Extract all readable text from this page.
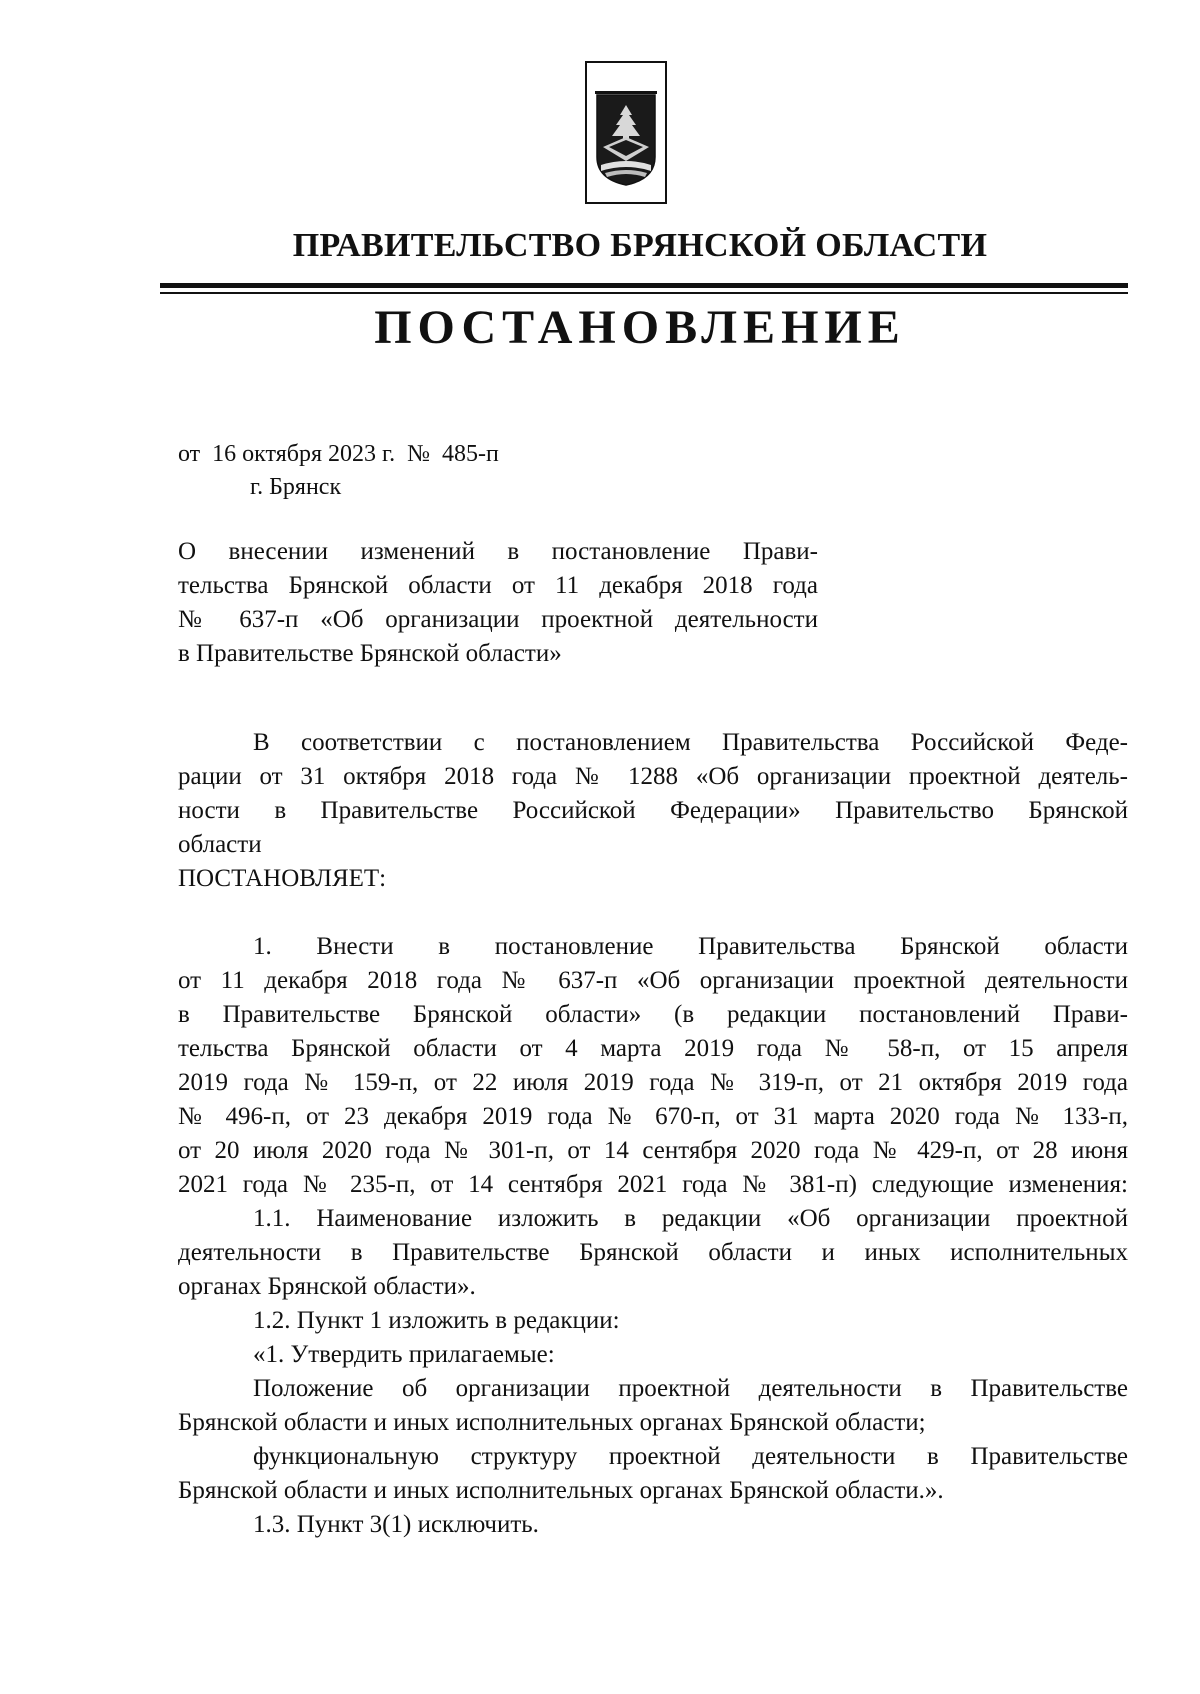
ПРАВИТЕЛЬСТВО БРЯНСКОЙ ОБЛАСТИ
ПОСТАНОВЛЕНИЕ
от  16 октября 2023 г.  №  485-п
г. Брянск
О внесении изменений в постановление Прави-
тельства Брянской области от 11 декабря 2018 года
№ 637-п «Об организации проектной деятельности
в Правительстве Брянской области»
В соответствии с постановлением Правительства Российской Феде-
рации от 31 октября 2018 года № 1288 «Об организации проектной деятель-
ности в Правительстве Российской Федерации» Правительство Брянской
области
ПОСТАНОВЛЯЕТ:
1. Внести в постановление Правительства Брянской области
от 11 декабря 2018 года № 637-п «Об организации проектной деятельности
в Правительстве Брянской области» (в редакции постановлений Прави-
тельства Брянской области от 4 марта 2019 года № 58-п, от 15 апреля
2019 года № 159-п, от 22 июля 2019 года № 319-п, от 21 октября 2019 года
№ 496-п, от 23 декабря 2019 года № 670-п, от 31 марта 2020 года № 133-п,
от 20 июля 2020 года № 301-п, от 14 сентября 2020 года № 429-п, от 28 июня
2021 года № 235-п, от 14 сентября 2021 года № 381-п) следующие изменения:
1.1. Наименование изложить в редакции «Об организации проектной
деятельности в Правительстве Брянской области и иных исполнительных
органах Брянской области».
1.2. Пункт 1 изложить в редакции:
«1. Утвердить прилагаемые:
Положение об организации проектной деятельности в Правительстве
Брянской области и иных исполнительных органах Брянской области;
функциональную структуру проектной деятельности в Правительстве
Брянской области и иных исполнительных органах Брянской области.».
1.3. Пункт 3(1) исключить.
